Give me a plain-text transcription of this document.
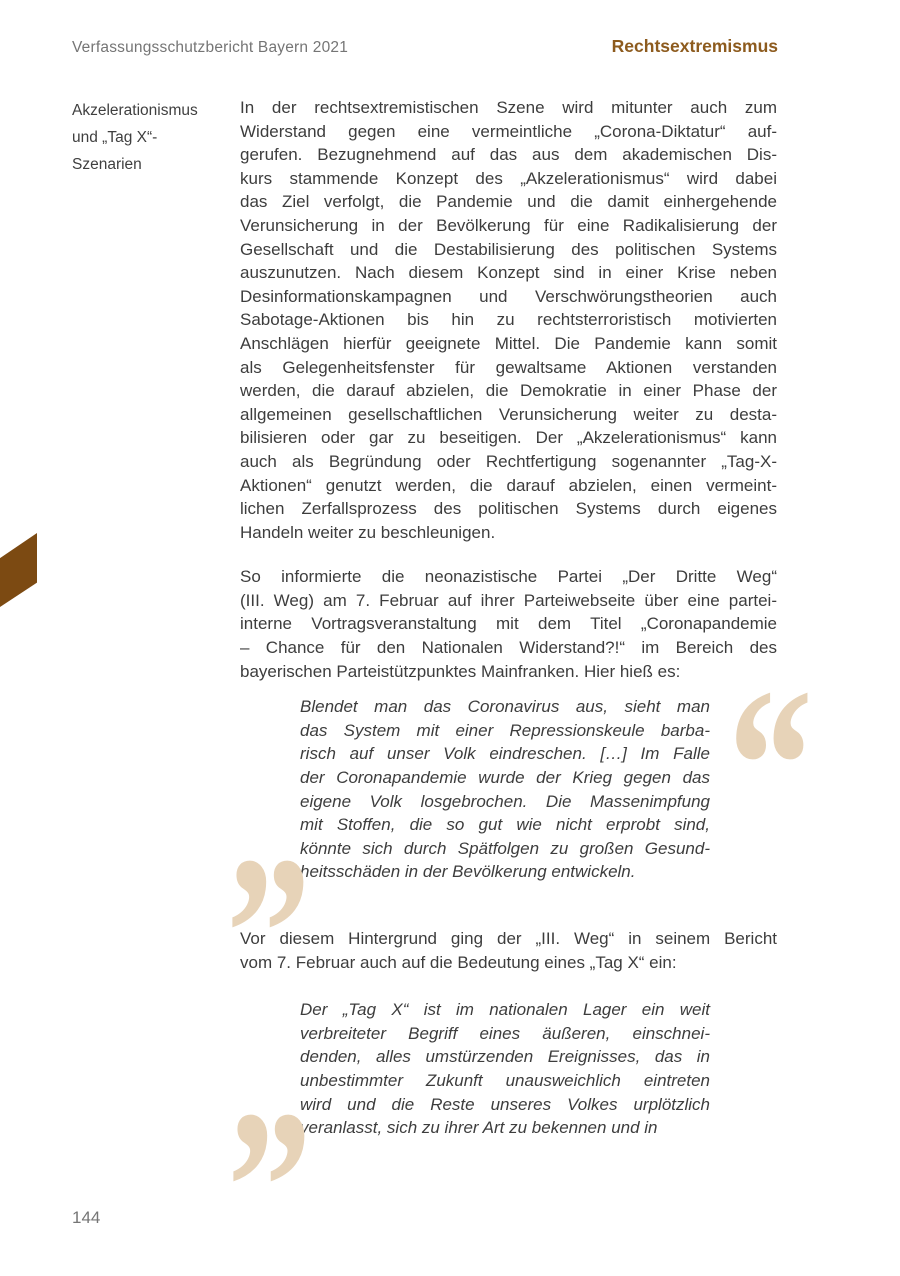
Verfassungsschutzbericht Bayern 2021	Rechtsextremismus
Akzelerationismus
und „Tag X“-
Szenarien

In der rechtsextremistischen Szene wird mitunter auch zum
Widerstand gegen eine vermeintliche „Corona-Diktatur“ auf-
gerufen. Bezugnehmend auf das aus dem akademischen Dis-
kurs stammende Konzept des „Akzelerationismus“ wird dabei
das Ziel verfolgt, die Pandemie und die damit einhergehende
Verunsicherung in der Bevölkerung für eine Radikalisierung der
Gesellschaft und die Destabilisierung des politischen Systems
auszunutzen. Nach diesem Konzept sind in einer Krise neben
Desinformationskampagnen und Verschwörungstheorien auch
Sabotage-Aktionen bis hin zu rechtsterroristisch motivierten
Anschlägen hierfür geeignete Mittel. Die Pandemie kann somit
als Gelegenheitsfenster für gewaltsame Aktionen verstanden
werden, die darauf abzielen, die Demokratie in einer Phase der
allgemeinen gesellschaftlichen Verunsicherung weiter zu desta-
bilisieren oder gar zu beseitigen. Der „Akzelerationismus“ kann
auch als Begründung oder Rechtfertigung sogenannter „Tag-X-
Aktionen“ genutzt werden, die darauf abzielen, einen vermeint-
lichen Zerfallsprozess des politischen Systems durch eigenes
Handeln weiter zu beschleunigen.

So informierte die neonazistische Partei „Der Dritte Weg“
(III. Weg) am 7. Februar auf ihrer Parteiwebseite über eine partei-
interne Vortragsveranstaltung mit dem Titel „Coronapandemie
– Chance für den Nationalen Widerstand?!“ im Bereich des
bayerischen Parteistützpunktes Mainfranken. Hier hieß es:

Blendet man das Coronavirus aus, sieht man
das System mit einer Repressionskeule barba-
risch auf unser Volk eindreschen. […] Im Falle
der Coronapandemie wurde der Krieg gegen das
eigene Volk losgebrochen. Die Massenimpfung
mit Stoffen, die so gut wie nicht erprobt sind,
könnte sich durch Spätfolgen zu großen Gesund-
heitsschäden in der Bevölkerung entwickeln.

Vor diesem Hintergrund ging der „III. Weg“ in seinem Bericht
vom 7. Februar auch auf die Bedeutung eines „Tag X“ ein:

Der „Tag X“ ist im nationalen Lager ein weit
verbreiteter Begriff eines äußeren, einschnei-
denden, alles umstürzenden Ereignisses, das in
unbestimmter Zukunft unausweichlich eintreten
wird und die Reste unseres Volkes urplötzlich
veranlasst, sich zu ihrer Art zu bekennen und in
“
”
”
144
